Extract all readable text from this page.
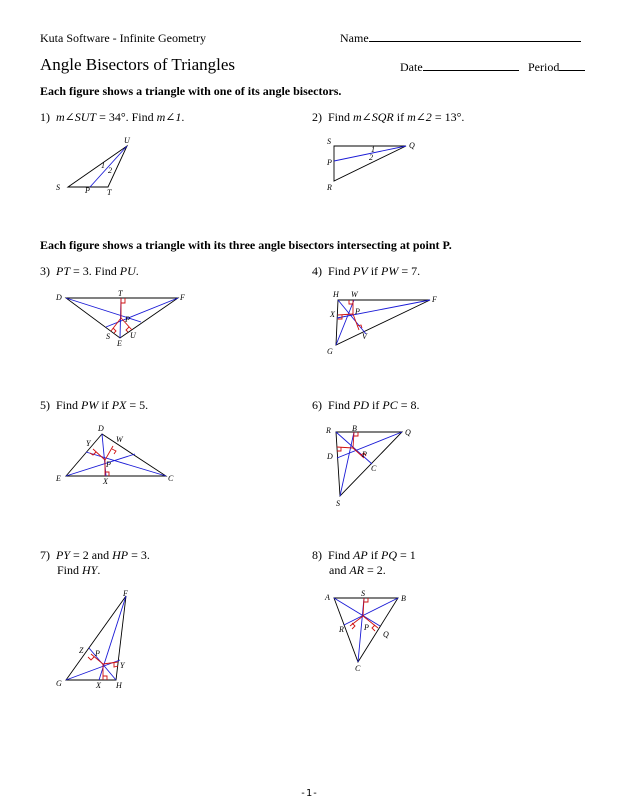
Kuta Software - Infinite Geometry	Name
Angle Bisectors of Triangles	Date	Period
Each figure shows a triangle with one of its angle bisectors.
Each figure shows a triangle with its three angle bisectors intersecting at point P.
1) m∠SUT = 34°. Find m∠1.	2) Find m∠SQR if m∠2 = 13°.
3) PT = 3. Find PU.	4) Find PV if PW = 7.
5) Find PW if PX = 5.	6) Find PD if PC = 8.
7) PY = 2 and HP = 3.
Find HY.
8) Find AP if PQ = 1
and AR = 2.
U
S	P T
1
2
S	Q
P
R
1
2
D	T	F
P
S	U
E
H W
F
X	P
V
G
D
Y	W
P
E	X	C
R	B	Q
D	P
C
S
F
Z P
Y
G	X H
A	S
B
R	P
Q
C
-1-
